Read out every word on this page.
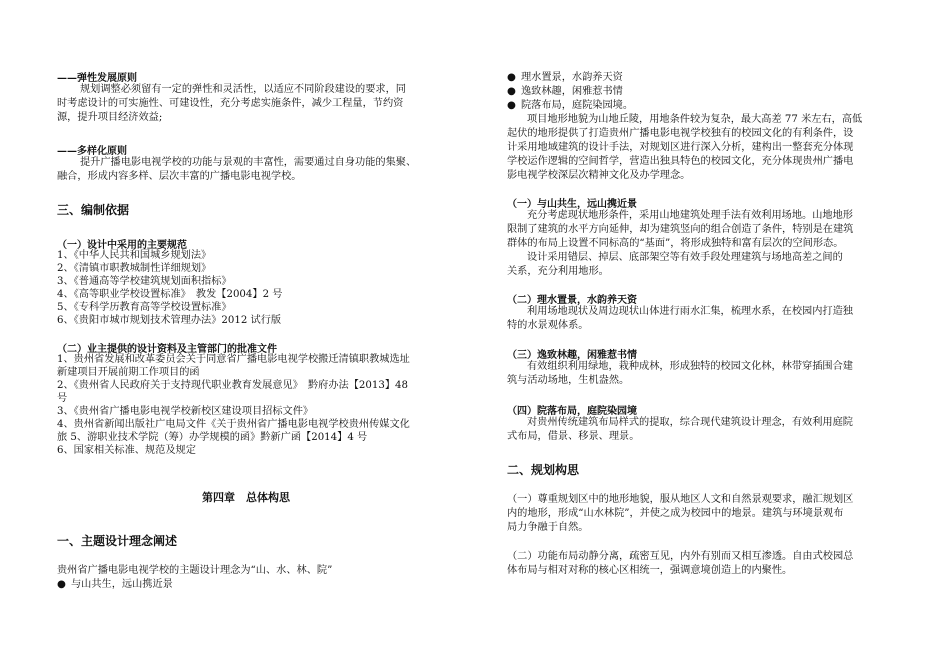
——弹性发展原则
规划调整必须留有一定的弹性和灵活性，以适应不同阶段建设的要求，同
时考虑设计的可实施性、可建设性，充分考虑实施条件，减少工程量，节约资
源，提升项目经济效益;
——多样化原则
提升广播电影电视学校的功能与景观的丰富性，需要通过自身功能的集聚、
融合，形成内容多样、层次丰富的广播电影电视学校。
三、编制依据
（一）设计中采用的主要规范
1、《中华人民共和国城乡规划法》
2、《清镇市职教城制性详细规划》
3、《普通高等学校建筑规划面积指标》
4、《高等职业学校设置标准》　教发【2004】2 号
5、《专科学历教育高等学校设置标准》
6、《贵阳市城市规划技术管理办法》2012 试行版
（二）业主提供的设计资料及主管部门的批准文件
1、贵州省发展和改革委员会关于同意省广播电影电视学校搬迁清镇职教城选址
新建项目开展前期工作项目的函
2、《贵州省人民政府关于支持现代职业教育发展意见》　黔府办法【2013】48
号
3、《贵州省广播电影电视学校新校区建设项目招标文件》
4、贵州省新闻出版社广电局文件《关于贵州省广播电影电视学校贵州传媒文化
旅 5、游职业技术学院（筹）办学规模的函》黔新广函【2014】4 号
6、国家相关标准、规范及规定
第四章　总体构思
一、主题设计理念阐述
贵州省广播电影电视学校的主题设计理念为“山、水、林、院”
● 与山共生，远山携近景
● 理水置景，水韵养天资
● 逸致林趣，闲雅惹书情
● 院落布局，庭院染园境。
项目地形地貌为山地丘陵，用地条件较为复杂，最大高差 77 米左右，高低
起伏的地形提供了打造贵州广播电影电视学校独有的校园文化的有利条件，设
计采用地域建筑的设计手法，对规划区进行深入分析，建构出一整套充分体现
学校运作逻辑的空间哲学，营造出独具特色的校园文化，充分体现贵州广播电
影电视学校深层次精神文化及办学理念。
（一）与山共生，远山携近景
充分考虑现状地形条件，采用山地建筑处理手法有效利用场地。山地地形
限制了建筑的水平方向延伸，却为建筑竖向的组合创造了条件，特别是在建筑
群体的布局上设置不同标高的“基面”，将形成独特和富有层次的空间形态。
设计采用错层、掉层、底部架空等有效手段处理建筑与场地高差之间的
关系，充分利用地形。
（二）理水置景，水韵养天资
利用场地现状及周边现状山体进行雨水汇集，梳理水系，在校园内打造独
特的水景观体系。
（三）逸致林趣，闲雅惹书情
有效组织利用绿地，栽种成林，形成独特的校园文化林，林带穿插围合建
筑与活动场地，生机盎然。
（四）院落布局，庭院染园境
对贵州传统建筑布局样式的提取，综合现代建筑设计理念，有效利用庭院
式布局，借景、移景、理景。
二、规划构思
（一）尊重规划区中的地形地貌，服从地区人文和自然景观要求，融汇规划区
内的地形，形成“山水林院”，并使之成为校园中的地景。建筑与环境景观布
局力争融于自然。
（二）功能布局动静分离，疏密互见，内外有别而又相互渗透。自由式校园总
体布局与相对对称的核心区相统一，强调意境创造上的内聚性。
